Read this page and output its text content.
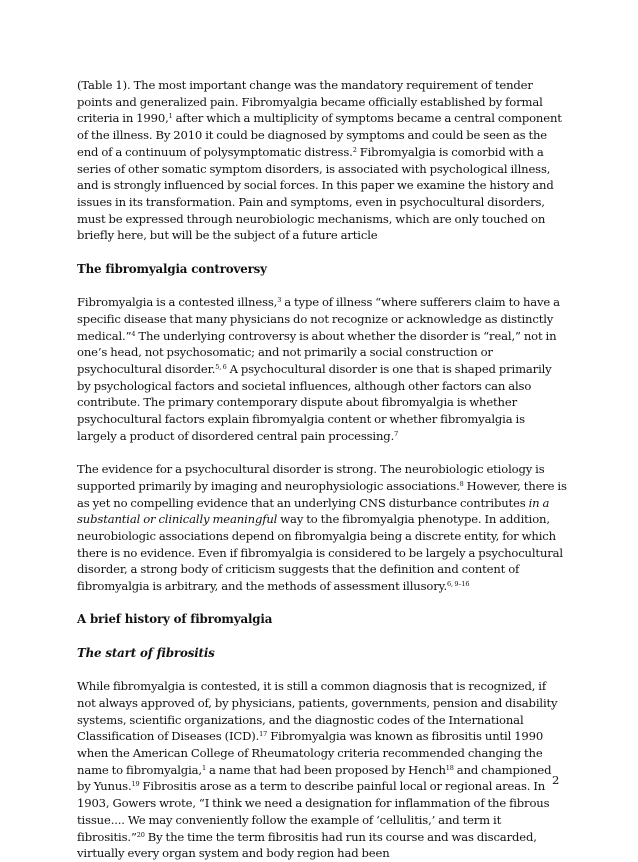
(Table 1). The most important change was the mandatory requirement of tender points and generalized pain. Fibromyalgia became officially established by formal criteria in 1990,$^1$ after which a multiplicity of symptoms became a central component of the illness. By 2010 it could be diagnosed by symptoms and could be seen as the end of a continuum of polysymptomatic distress.$^2$ Fibromyalgia is comorbid with a series of other somatic symptom disorders, is associated with psychological illness, and is strongly influenced by social forces. In this paper we examine the history and issues in its transformation. Pain and symptoms, even in psychocultural disorders, must be expressed through neurobiologic mechanisms, which are only touched on briefly here, but will be the subject of a future article

The fibromyalgia controversy

Fibromyalgia is a contested illness,$^3$ a type of illness “where sufferers claim to have a specific disease that many physicians do not recognize or acknowledge as distinctly medical.”$^4$ The underlying controversy is about whether the disorder is “real,” not in one’s head, not psychosomatic; and not primarily a social construction or psychocultural disorder.$^{5, 6}$ A psychocultural disorder is one that is shaped primarily by psychological factors and societal influences, although other factors can also contribute. The primary contemporary dispute about fibromyalgia is whether psychocultural factors explain fibromyalgia content or whether fibromyalgia is largely a product of disordered central pain processing.$^7$

The evidence for a psychocultural disorder is strong. The neurobiologic etiology is supported primarily by imaging and neurophysiologic associations.$^8$ However, there is as yet no compelling evidence that an underlying CNS disturbance contributes in a substantial or clinically meaningful way to the fibromyalgia phenotype. In addition, neurobiologic associations depend on fibromyalgia being a discrete entity, for which there is no evidence. Even if fibromyalgia is considered to be largely a psychocultural disorder, a strong body of criticism suggests that the definition and content of fibromyalgia is arbitrary, and the methods of assessment illusory.$^{6, 9-16}$

A brief history of fibromyalgia

The start of fibrositis

While fibromyalgia is contested, it is still a common diagnosis that is recognized, if not always approved of, by physicians, patients, governments, pension and disability systems, scientific organizations, and the diagnostic codes of the International Classification of Diseases (ICD).$^{17}$ Fibromyalgia was known as fibrositis until 1990 when the American College of Rheumatology criteria recommended changing the name to fibromyalgia,$^1$ a name that had been proposed by Hench$^{18}$ and championed by Yunus.$^{19}$ Fibrositis arose as a term to describe painful local or regional areas. In 1903, Gowers wrote, “I think we need a designation for inflammation of the fibrous tissue.... We may conveniently follow the example of ‘cellulitis,’ and term it fibrositis.”$^{20}$ By the time the term fibrositis had run its course and was discarded, virtually every organ system and body region had been

2
